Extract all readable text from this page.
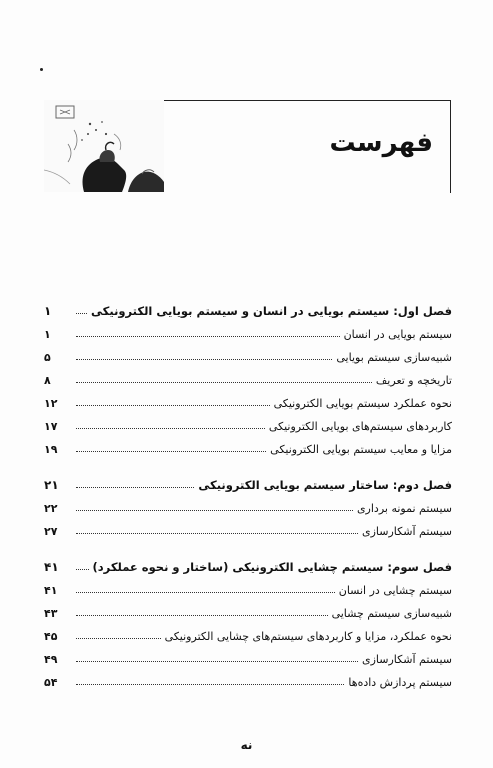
فهرست
فصل اول: سیستم بویایی در انسان و سیستم بویایی الکترونیکی
۱
سیستم بویایی در انسان
۱
شبیه‌سازی سیستم بویایی
۵
تاریخچه و تعریف
۸
نحوه عملکرد سیستم بویایی الکترونیکی
۱۲
کاربردهای سیستم‌های بویایی الکترونیکی
۱۷
مزایا و معایب سیستم بویایی الکترونیکی
۱۹
فصل دوم: ساختار سیستم بویایی الکترونیکی
۲۱
سیستم نمونه برداری
۲۲
سیستم آشکارسازی
۲۷
فصل سوم: سیستم چشایی الکترونیکی (ساختار و نحوه عملکرد)
۴۱
سیستم چشایی در انسان
۴۱
شبیه‌سازی سیستم چشایی
۴۳
نحوه عملکرد، مزایا و کاربردهای سیستم‌های چشایی الکترونیکی
۴۵
سیستم آشکارسازی
۴۹
سیستم پردازش داده‌ها
۵۴
نه
